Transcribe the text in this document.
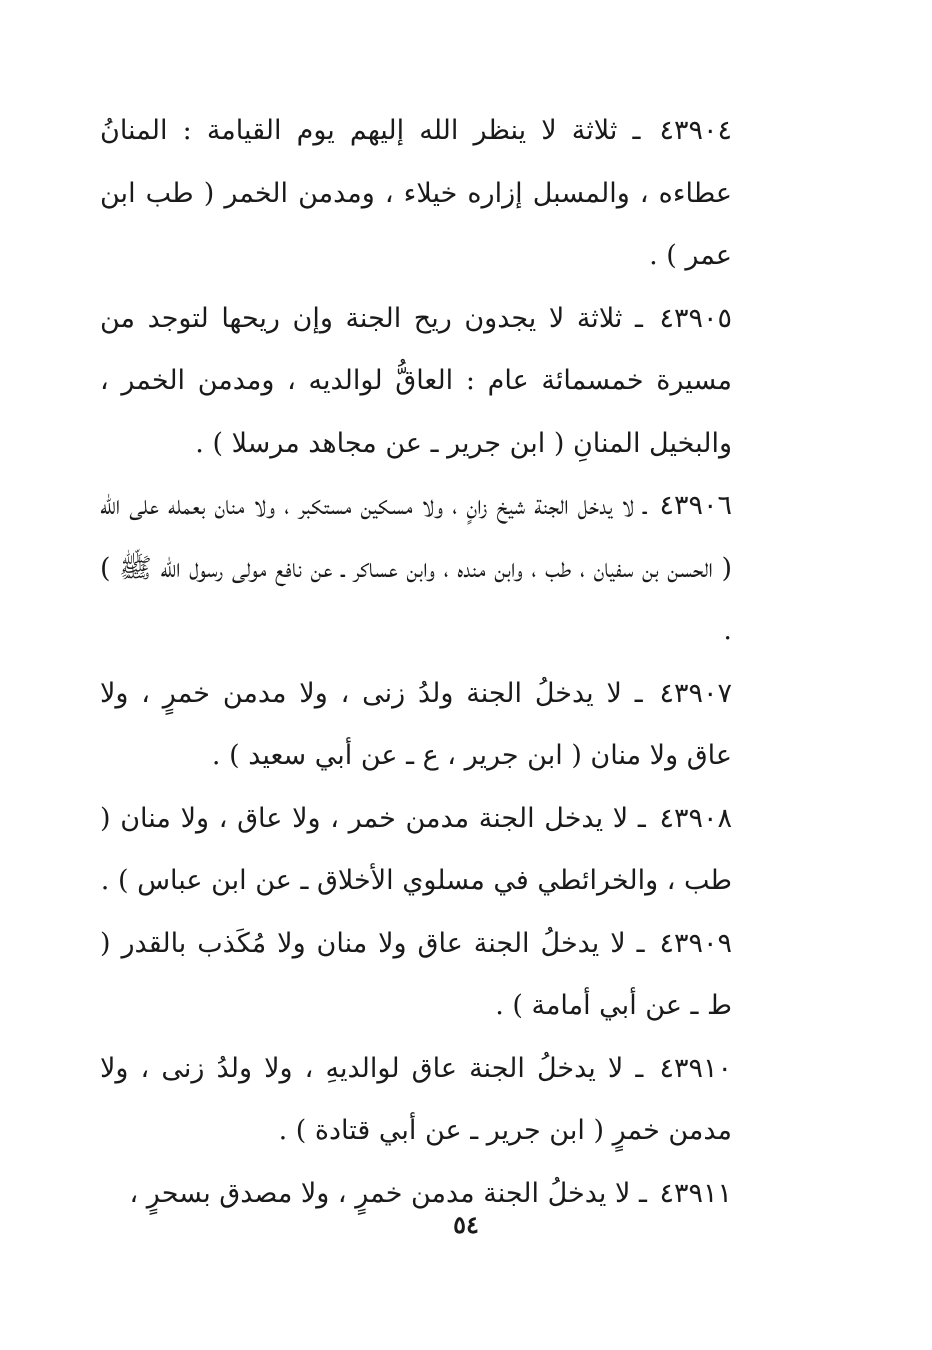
٤٣٩٠٤ ـ ثلاثة لا ينظر الله إليهم يوم القيامة : المنانُ عطاءه ، والمسبل إزاره خيلاء ، ومدمن الخمر ( طب ابن عمر ) .

٤٣٩٠٥ ـ ثلاثة لا يجدون ريح الجنة وإن ريحها لتوجد من مسيرة خمسمائة عام : العاقُّ لوالديه ، ومدمن الخمر ، والبخيل المنانِ ( ابن جرير ـ عن مجاهد مرسلا ) .

٤٣٩٠٦ ـ لا يدخل الجنة شيخ زانٍ ، ولا مسكين مستكبر ، ولا منان بعمله على الله ( الحسن بن سفيان ، طب ، وابن منده ، وابن عساكر ـ عن نافع مولى رسول الله ﷺ ) .

٤٣٩٠٧ ـ لا يدخلُ الجنة ولدُ زنى ، ولا مدمن خمرٍ ، ولا عاق ولا منان ( ابن جرير ، ع ـ عن أبي سعيد ) .

٤٣٩٠٨ ـ لا يدخل الجنة مدمن خمر ، ولا عاق ، ولا منان ( طب ، والخرائطي في مسلوي الأخلاق ـ عن ابن عباس ) .

٤٣٩٠٩ ـ لا يدخلُ الجنة عاق ولا منان ولا مُكَذب بالقدر ( ط ـ عن أبي أمامة ) .

٤٣٩١٠ ـ لا يدخلُ الجنة عاق لوالديهِ ، ولا ولدُ زنى ، ولا مدمن خمرٍ ( ابن جرير ـ عن أبي قتادة ) .

٤٣٩١١ ـ لا يدخلُ الجنة مدمن خمرٍ ، ولا مصدق بسحرٍ ،

٥٤
